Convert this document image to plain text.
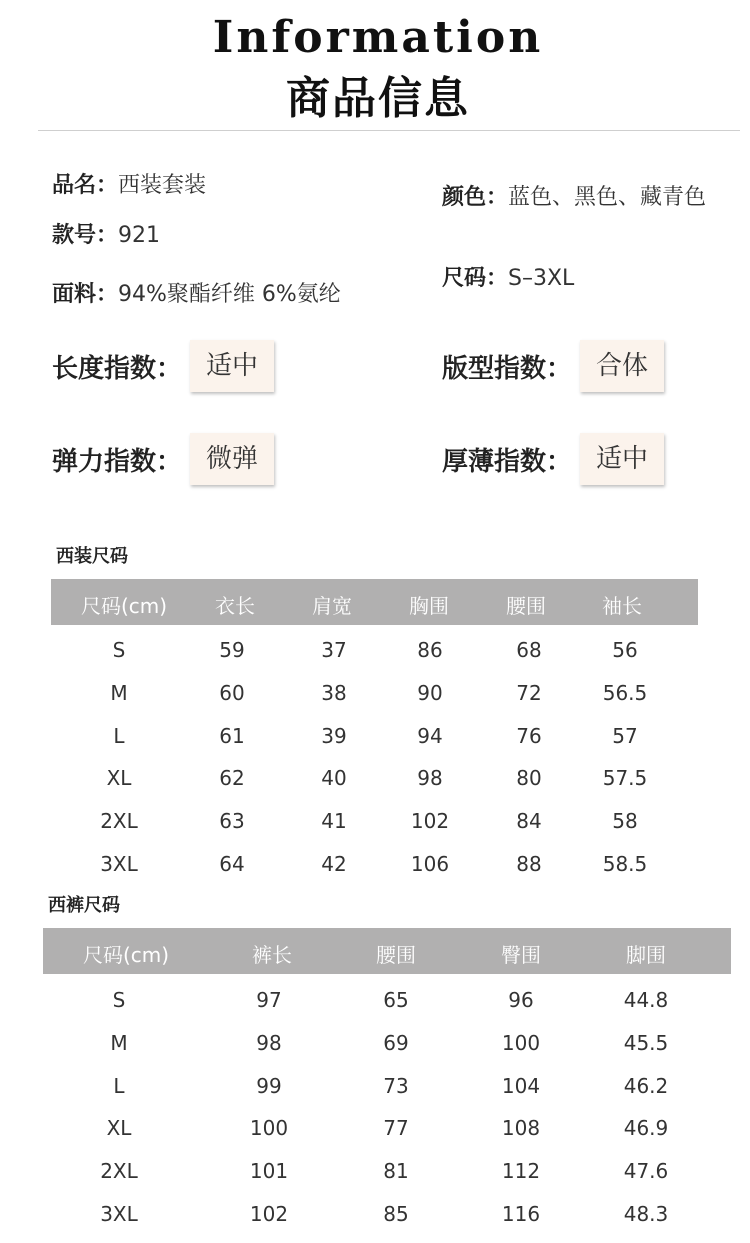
Information
商品信息
品名：西装套装
款号：921
面料：94%聚酯纤维 6%氨纶
颜色：蓝色、黑色、藏青色
尺码：S–3XL
长度指数： 适中	版型指数： 合体
弹力指数： 微弹	厚薄指数： 适中
西装尺码
尺码(cm) 衣长	肩宽	胸围	腰围	袖长
S	59	37	86	68	56
M	60	38	90	72	56.5
L	61	39	94	76	57
XL	62	40	98	80	57.5
2XL	63	41	102	84	58
3XL	64	42	106	88	58.5
西裤尺码
尺码(cm)	裤长	腰围	臀围	脚围
S	97	65	96	44.8
M	98	69	100	45.5
L	99	73	104	46.2
XL	100	77	108	46.9
2XL	101	81	112	47.6
3XL	102	85	116	48.3
